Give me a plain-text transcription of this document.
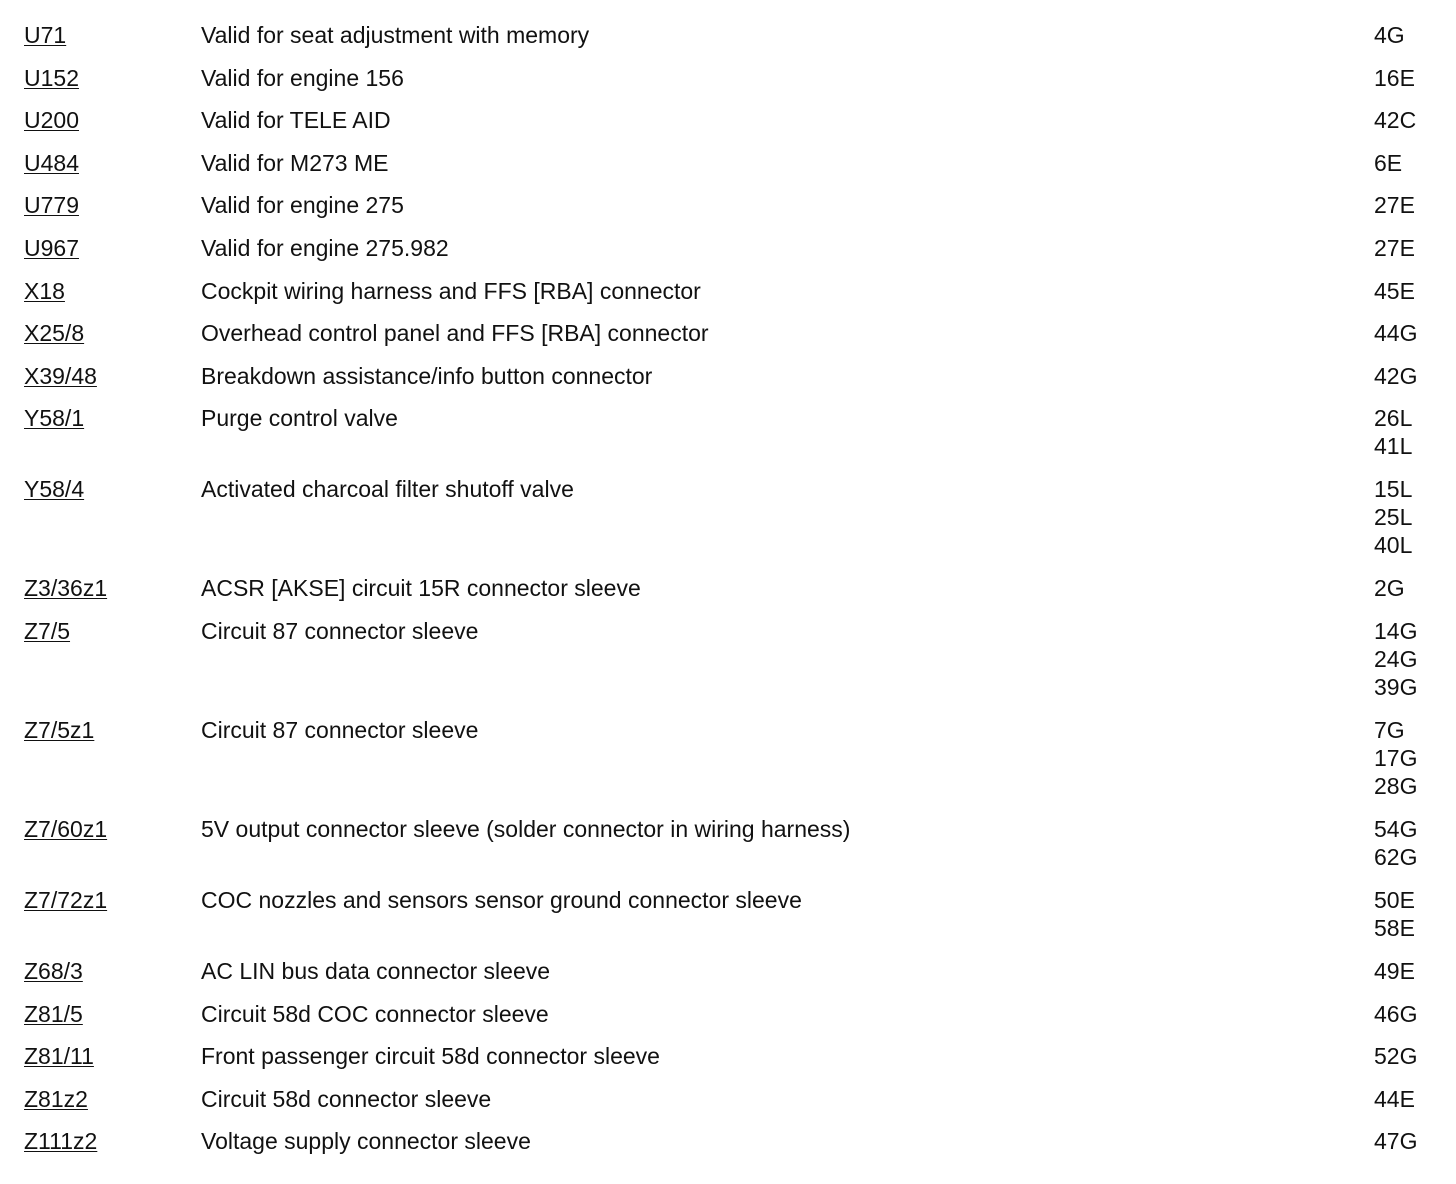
U71	Valid for seat adjustment with memory	4G
U152	Valid for engine 156	16E
U200	Valid for TELE AID	42C
U484	Valid for M273 ME	6E
U779	Valid for engine 275	27E
U967	Valid for engine 275.982	27E
X18	Cockpit wiring harness and FFS [RBA] connector	45E
X25/8	Overhead control panel and FFS [RBA] connector	44G
X39/48	Breakdown assistance/info button connector	42G
Y58/1	Purge control valve	26L
41L
Y58/4	Activated charcoal filter shutoff valve	15L
25L
40L
Z3/36z1	ACSR [AKSE] circuit 15R connector sleeve	2G
Z7/5	Circuit 87 connector sleeve	14G
24G
39G
Z7/5z1	Circuit 87 connector sleeve	7G
17G
28G
Z7/60z1	5V output connector sleeve (solder connector in wiring harness)	54G
62G
Z7/72z1	COC nozzles and sensors sensor ground connector sleeve	50E
58E
Z68/3	AC LIN bus data connector sleeve	49E
Z81/5	Circuit 58d COC connector sleeve	46G
Z81/11	Front passenger circuit 58d connector sleeve	52G
Z81z2	Circuit 58d connector sleeve	44E
Z111z2	Voltage supply connector sleeve	47G
